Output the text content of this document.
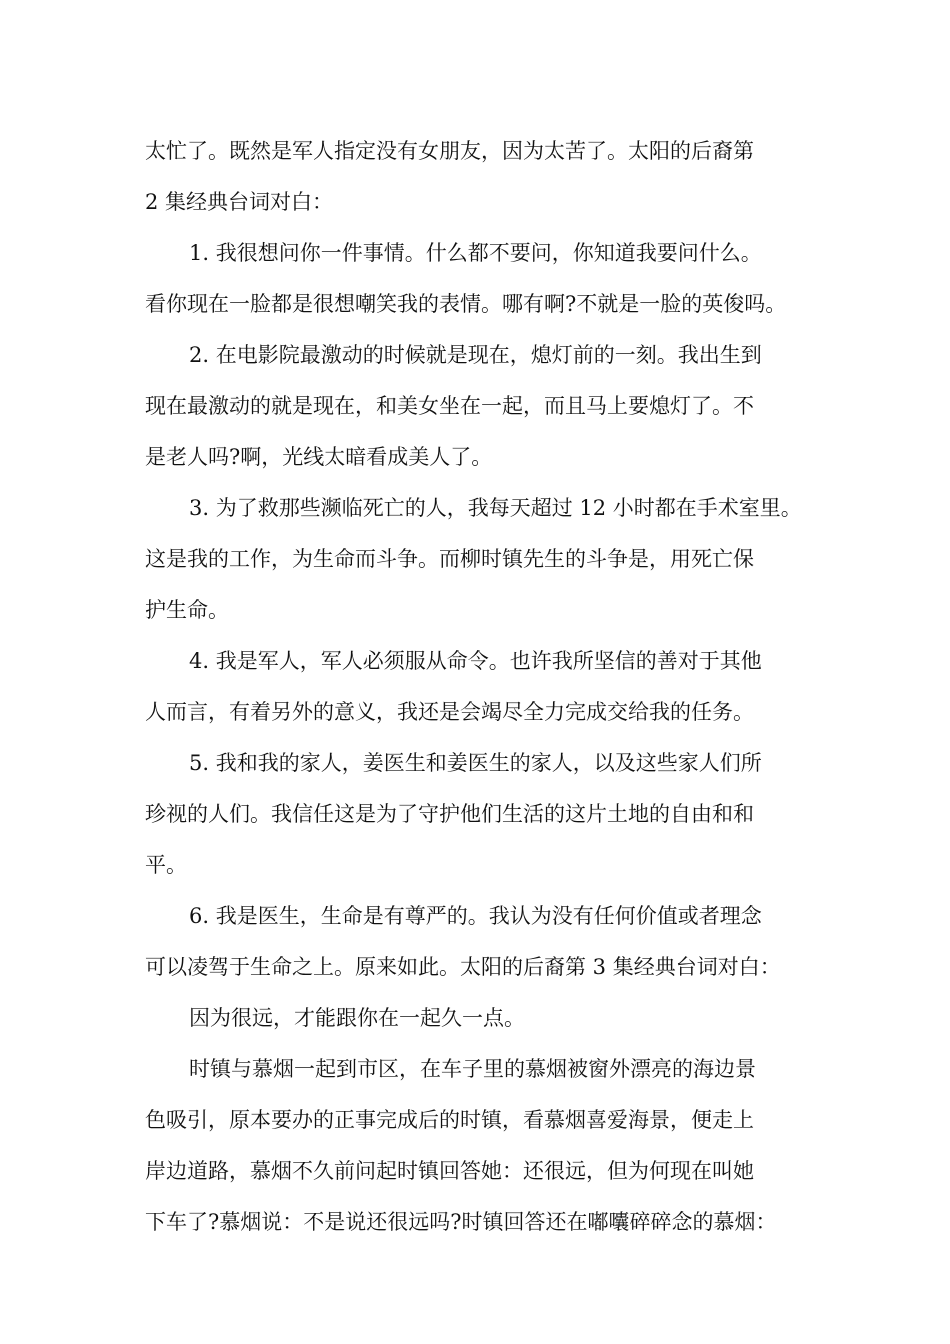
太忙了。既然是军人指定没有女朋友，因为太苦了。太阳的后裔第
2 集经典台词对白：
1. 我很想问你一件事情。什么都不要问，你知道我要问什么。
看你现在一脸都是很想嘲笑我的表情。哪有啊?不就是一脸的英俊吗。
2. 在电影院最激动的时候就是现在，熄灯前的一刻。我出生到
现在最激动的就是现在，和美女坐在一起，而且马上要熄灯了。不
是老人吗?啊，光线太暗看成美人了。
3. 为了救那些濒临死亡的人，我每天超过 12 小时都在手术室里。
这是我的工作，为生命而斗争。而柳时镇先生的斗争是，用死亡保
护生命。
4. 我是军人，军人必须服从命令。也许我所坚信的善对于其他
人而言，有着另外的意义，我还是会竭尽全力完成交给我的任务。
5. 我和我的家人，姜医生和姜医生的家人，以及这些家人们所
珍视的人们。我信任这是为了守护他们生活的这片土地的自由和和
平。
6. 我是医生，生命是有尊严的。我认为没有任何价值或者理念
可以凌驾于生命之上。原来如此。太阳的后裔第 3 集经典台词对白：
因为很远，才能跟你在一起久一点。
时镇与慕烟一起到市区，在车子里的慕烟被窗外漂亮的海边景
色吸引，原本要办的正事完成后的时镇，看慕烟喜爱海景，便走上
岸边道路，慕烟不久前问起时镇回答她：还很远，但为何现在叫她
下车了?慕烟说：不是说还很远吗?时镇回答还在嘟囔碎碎念的慕烟：
